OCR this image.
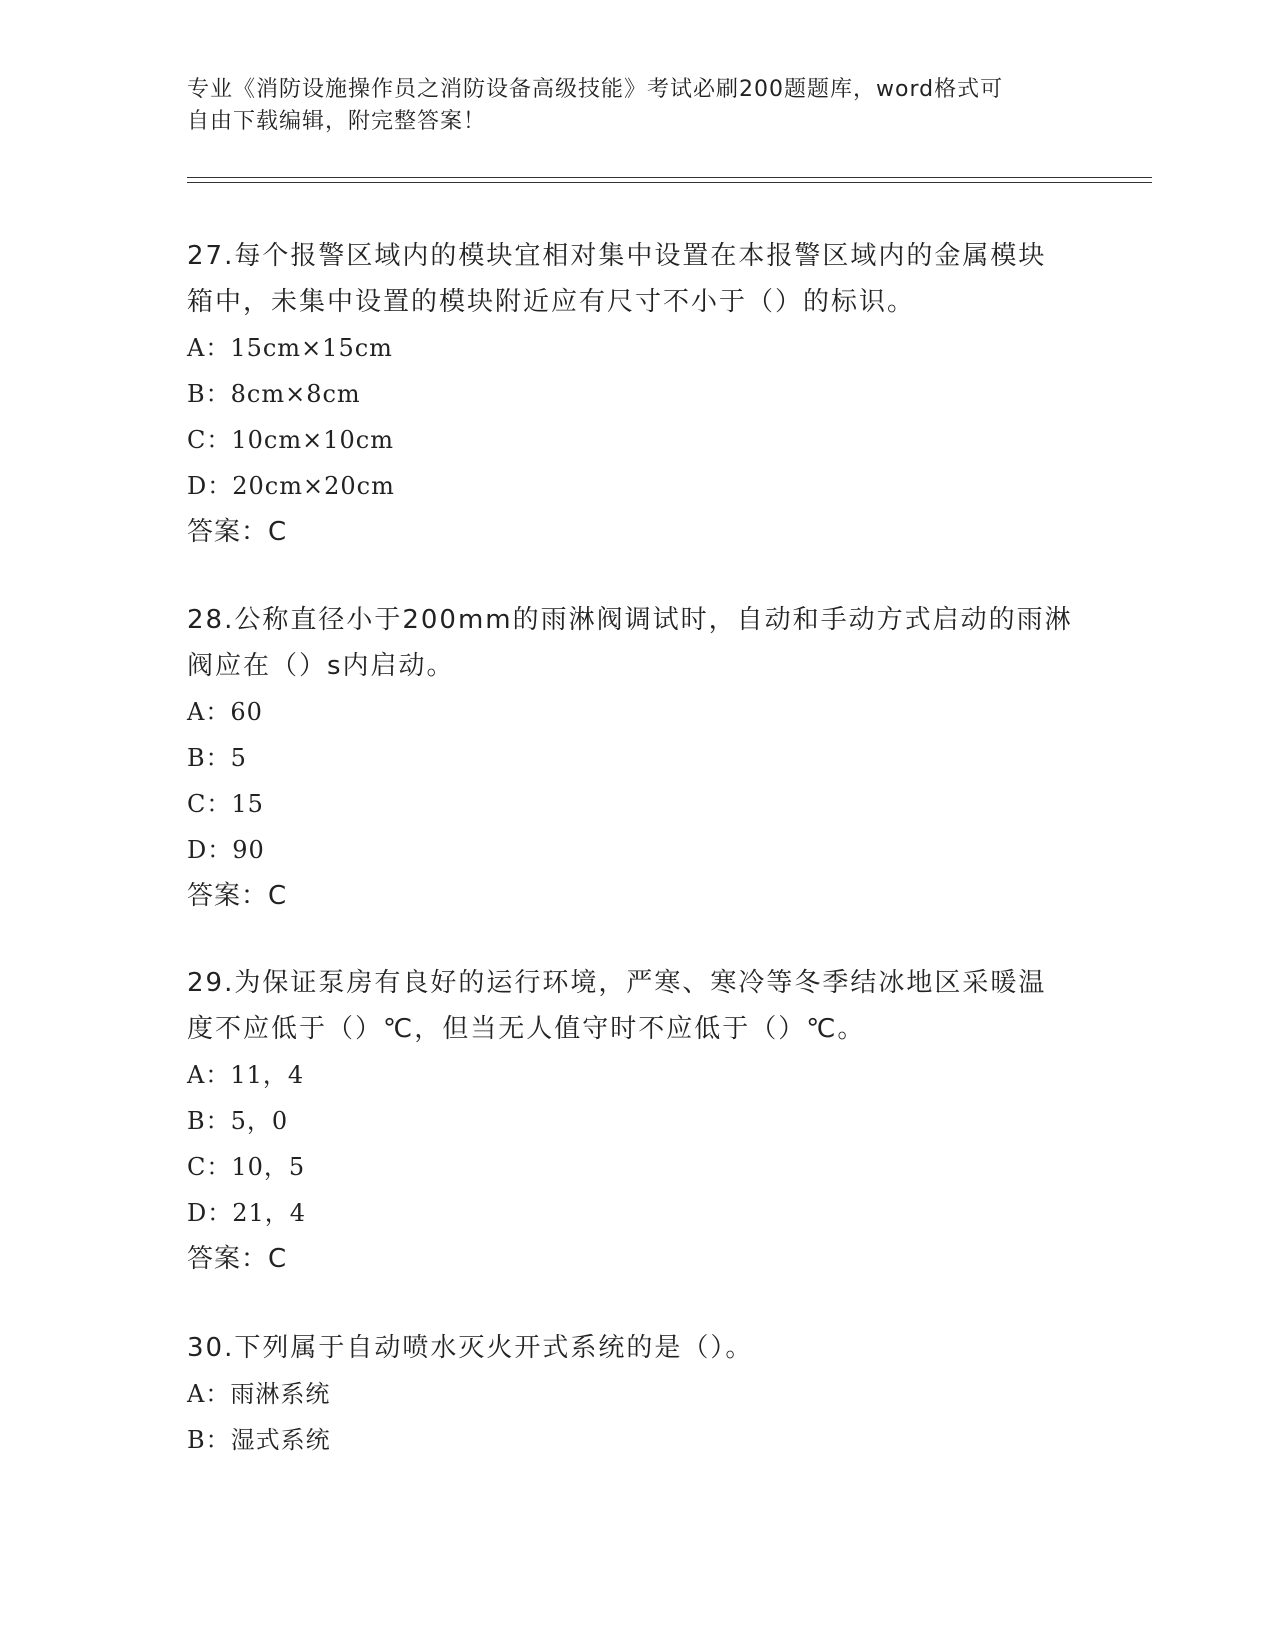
专业《消防设施操作员之消防设备高级技能》考试必刷200题题库，word格式可
自由下载编辑，附完整答案！
27.每个报警区域内的模块宜相对集中设置在本报警区域内的金属模块
箱中，未集中设置的模块附近应有尺寸不小于（）的标识。
A：15cm×15cm
B：8cm×8cm
C：10cm×10cm
D：20cm×20cm
答案：C
28.公称直径小于200mm的雨淋阀调试时，自动和手动方式启动的雨淋
阀应在（）s内启动。
A：60
B：5
C：15
D：90
答案：C
29.为保证泵房有良好的运行环境，严寒、寒冷等冬季结冰地区采暖温
度不应低于（）℃，但当无人值守时不应低于（）℃。
A：11，4
B：5，0
C：10，5
D：21，4
答案：C
30.下列属于自动喷水灭火开式系统的是（）。
A：雨淋系统
B：湿式系统
